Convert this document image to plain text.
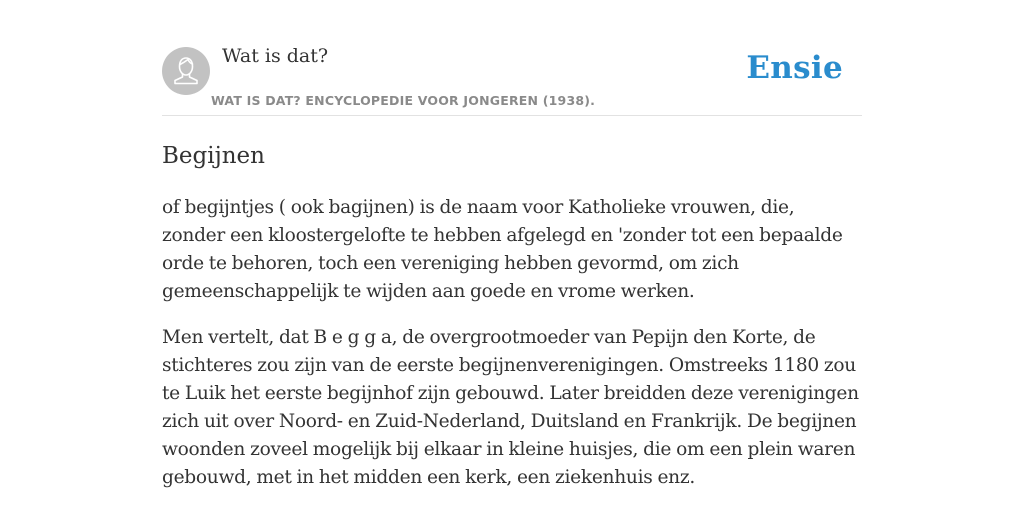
Wat is dat?
WAT IS DAT? ENCYCLOPEDIE VOOR JONGEREN (1938).
Ensie
Begijnen

of begijntjes ( ook bagijnen) is de naam voor Katholieke vrouwen, die, zonder een kloostergelofte te hebben afgelegd en 'zonder tot een bepaalde orde te behoren, toch een vereniging hebben gevormd, om zich gemeenschappelijk te wijden aan goede en vrome werken.

Men vertelt, dat B e g g a, de overgrootmoeder van Pepijn den Korte, de stichteres zou zijn van de eerste begijnenverenigingen. Omstreeks 1180 zou te Luik het eerste begijnhof zijn gebouwd. Later breidden deze verenigingen zich uit over Noord- en Zuid-Nederland, Duitsland en Frankrijk. De begijnen woonden zoveel mogelijk bij elkaar in kleine huisjes, die om een plein waren gebouwd, met in het midden een kerk, een ziekenhuis enz.
